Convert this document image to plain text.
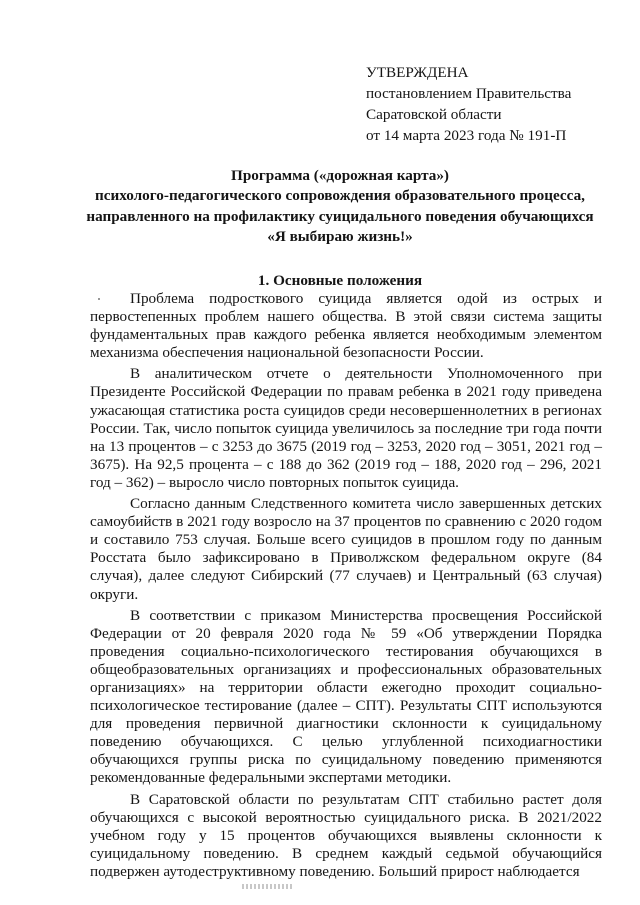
УТВЕРЖДЕНА
постановлением Правительства
Саратовской области
от 14 марта 2023 года № 191-П
Программа («дорожная карта»)
психолого-педагогического сопровождения образовательного процесса,
направленного на профилактику суицидального поведения обучающихся
«Я выбираю жизнь!»
1. Основные положения

Проблема подросткового суицида является одой из острых и первостепенных проблем нашего общества. В этой связи система защиты фундаментальных прав каждого ребенка является необходимым элементом механизма обеспечения национальной безопасности России.

В аналитическом отчете о деятельности Уполномоченного при Президенте Российской Федерации по правам ребенка в 2021 году приведена ужасающая статистика роста суицидов среди несовершеннолетних в регионах России. Так, число попыток суицида увеличилось за последние три года почти на 13 процентов – с 3253 до 3675 (2019 год – 3253, 2020 год – 3051, 2021 год – 3675). На 92,5 процента – с 188 до 362 (2019 год – 188, 2020 год – 296, 2021 год – 362) – выросло число повторных попыток суицида.

Согласно данным Следственного комитета число завершенных детских самоубийств в 2021 году возросло на 37 процентов по сравнению с 2020 годом и составило 753 случая. Больше всего суицидов в прошлом году по данным Росстата было зафиксировано в Приволжском федеральном округе (84 случая), далее следуют Сибирский (77 случаев) и Центральный (63 случая) округи.

В соответствии с приказом Министерства просвещения Российской Федерации от 20 февраля 2020 года № 59 «Об утверждении Порядка проведения социально-психологического тестирования обучающихся в общеобразовательных организациях и профессиональных образовательных организациях» на территории области ежегодно проходит социально-психологическое тестирование (далее – СПТ). Результаты СПТ используются для проведения первичной диагностики склонности к суицидальному поведению обучающихся. С целью углубленной психодиагностики обучающихся группы риска по суицидальному поведению применяются рекомендованные федеральными экспертами методики.

В Саратовской области по результатам СПТ стабильно растет доля обучающихся с высокой вероятностью суицидального риска. В 2021/2022 учебном году у 15 процентов обучающихся выявлены склонности к суицидальному поведению. В среднем каждый седьмой обучающийся подвержен аутодеструктивному поведению. Больший прирост наблюдается
